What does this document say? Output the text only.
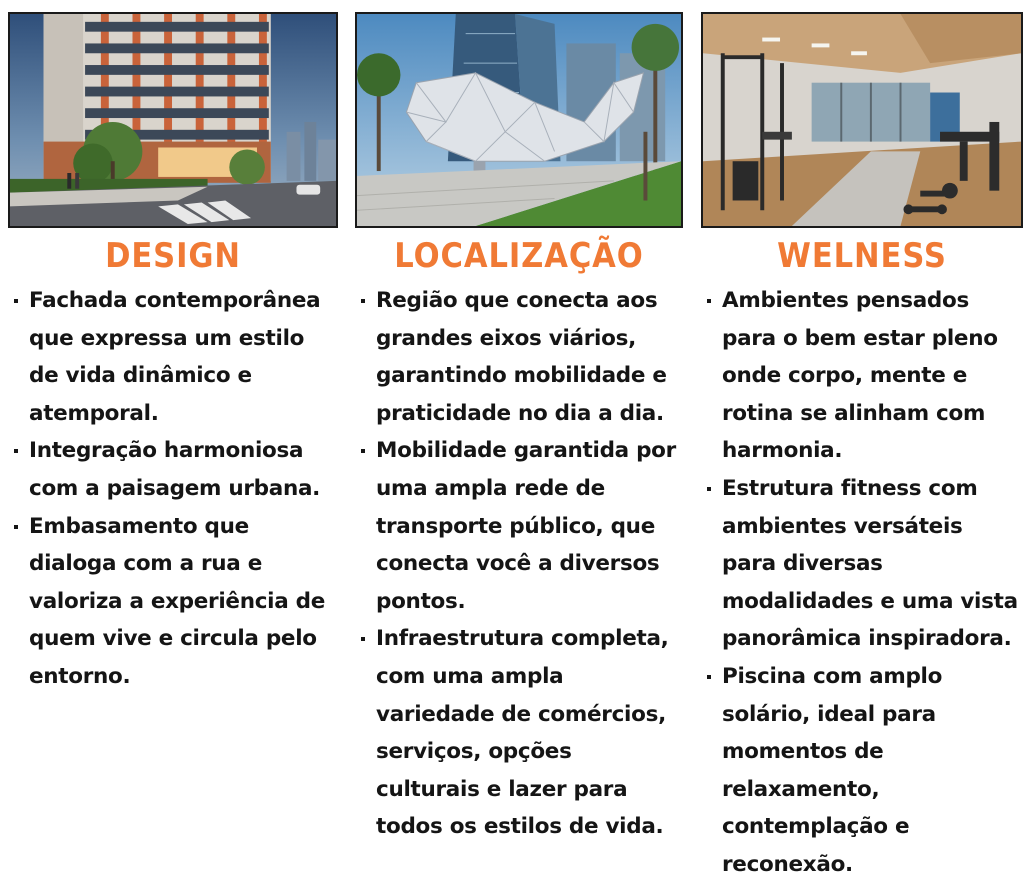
DESIGN
Fachada contemporânea que expressa um estilo de vida dinâmico e atemporal.
Integração harmoniosa com a paisagem urbana.
Embasamento que dialoga com a rua e valoriza a experiência de quem vive e circula pelo entorno.
LOCALIZAÇÃO
Região que conecta aos grandes eixos viários, garantindo mobilidade e praticidade no dia a dia.
Mobilidade garantida por uma ampla rede de transporte público, que conecta você a diversos pontos.
Infraestrutura completa, com uma ampla variedade de comércios, serviços, opções culturais e lazer para todos os estilos de vida.
WELNESS
Ambientes pensados para o bem estar pleno onde corpo, mente e rotina se alinham com harmonia.
Estrutura fitness com ambientes versáteis para diversas modalidades e uma vista panorâmica inspiradora.
Piscina com amplo solário, ideal para momentos de relaxamento, contemplação e reconexão.
